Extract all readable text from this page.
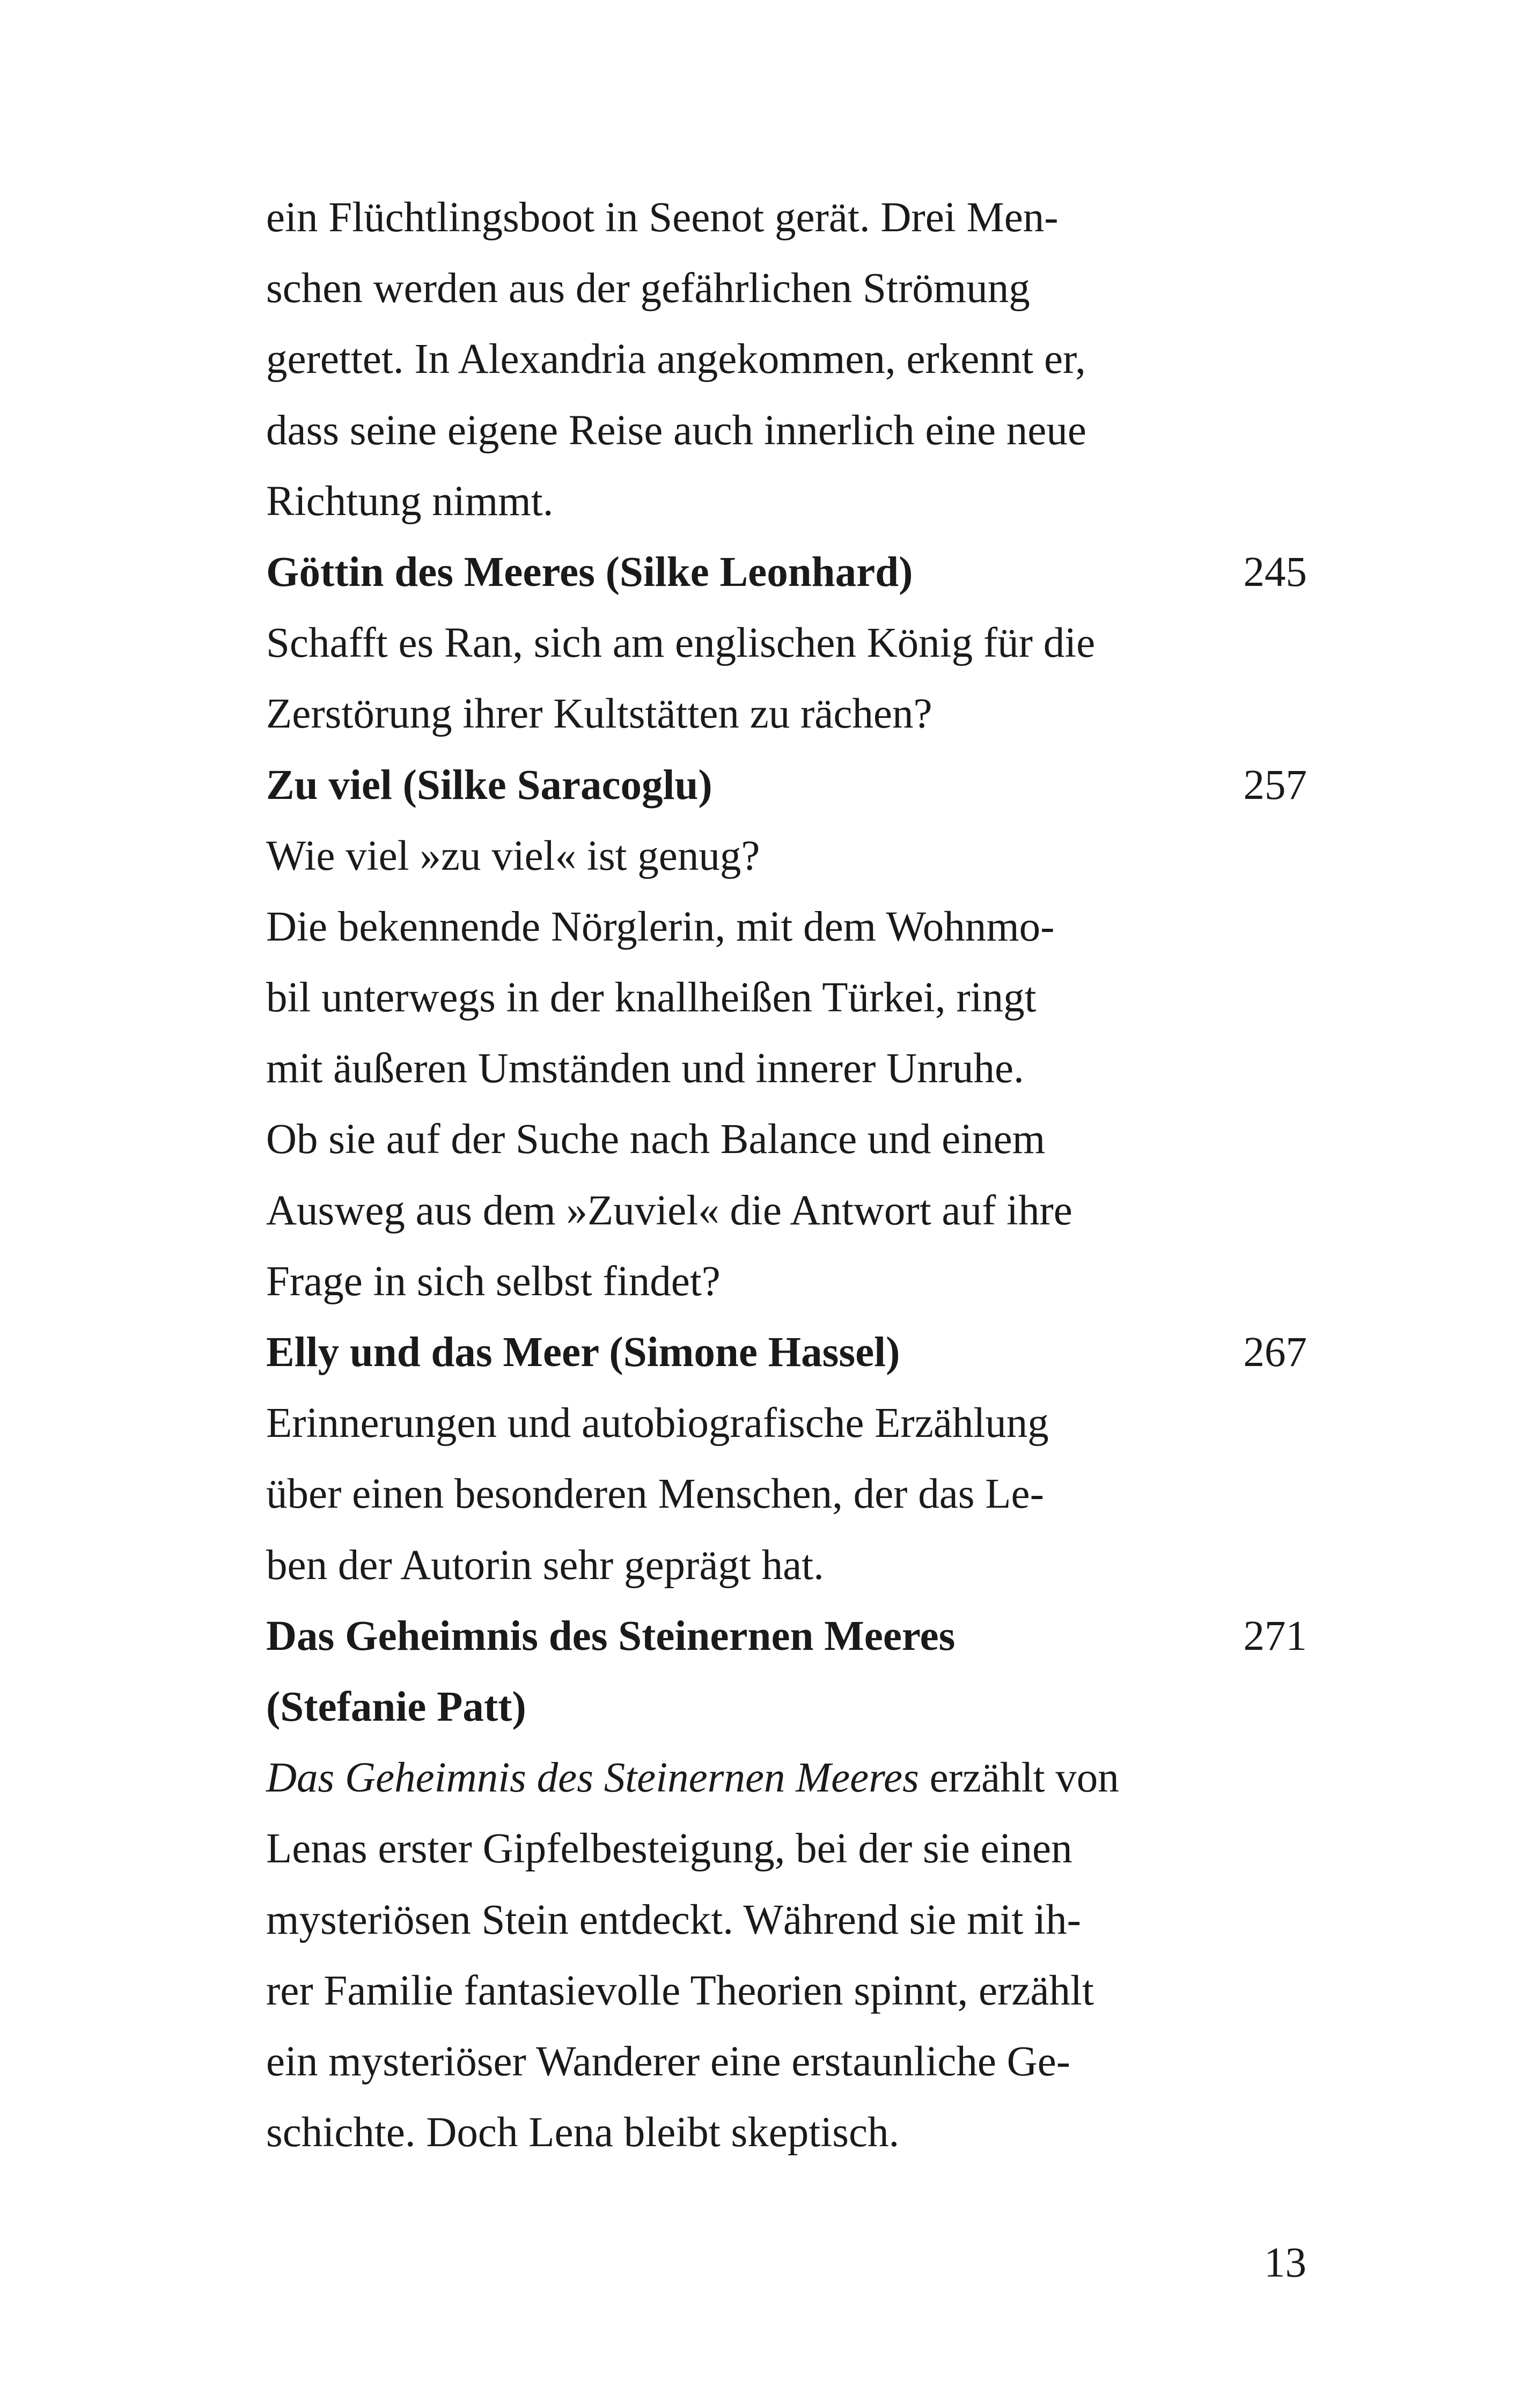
ein Flüchtlingsboot in Seenot gerät. Drei Men-
schen werden aus der gefährlichen Strömung
gerettet. In Alexandria angekommen, erkennt er,
dass seine eigene Reise auch innerlich eine neue
Richtung nimmt.
Göttin des Meeres (Silke Leonhard)	245
Schafft es Ran, sich am englischen König für die
Zerstörung ihrer Kultstätten zu rächen?
Zu viel (Silke Saracoglu)	257
Wie viel »zu viel« ist genug?
Die bekennende Nörglerin, mit dem Wohnmo-
bil unterwegs in der knallheißen Türkei, ringt
mit äußeren Umständen und innerer Unruhe.
Ob sie auf der Suche nach Balance und einem
Ausweg aus dem »Zuviel« die Antwort auf ihre
Frage in sich selbst findet?
Elly und das Meer (Simone Hassel)	267
Erinnerungen und autobiografische Erzählung
über einen besonderen Menschen, der das Le-
ben der Autorin sehr geprägt hat.
Das Geheimnis des Steinernen Meeres	271
(Stefanie Patt)
Das Geheimnis des Steinernen Meeres erzählt von
Lenas erster Gipfelbesteigung, bei der sie einen
mysteriösen Stein entdeckt. Während sie mit ih-
rer Familie fantasievolle Theorien spinnt, erzählt
ein mysteriöser Wanderer eine erstaunliche Ge-
schichte. Doch Lena bleibt skeptisch.
13
